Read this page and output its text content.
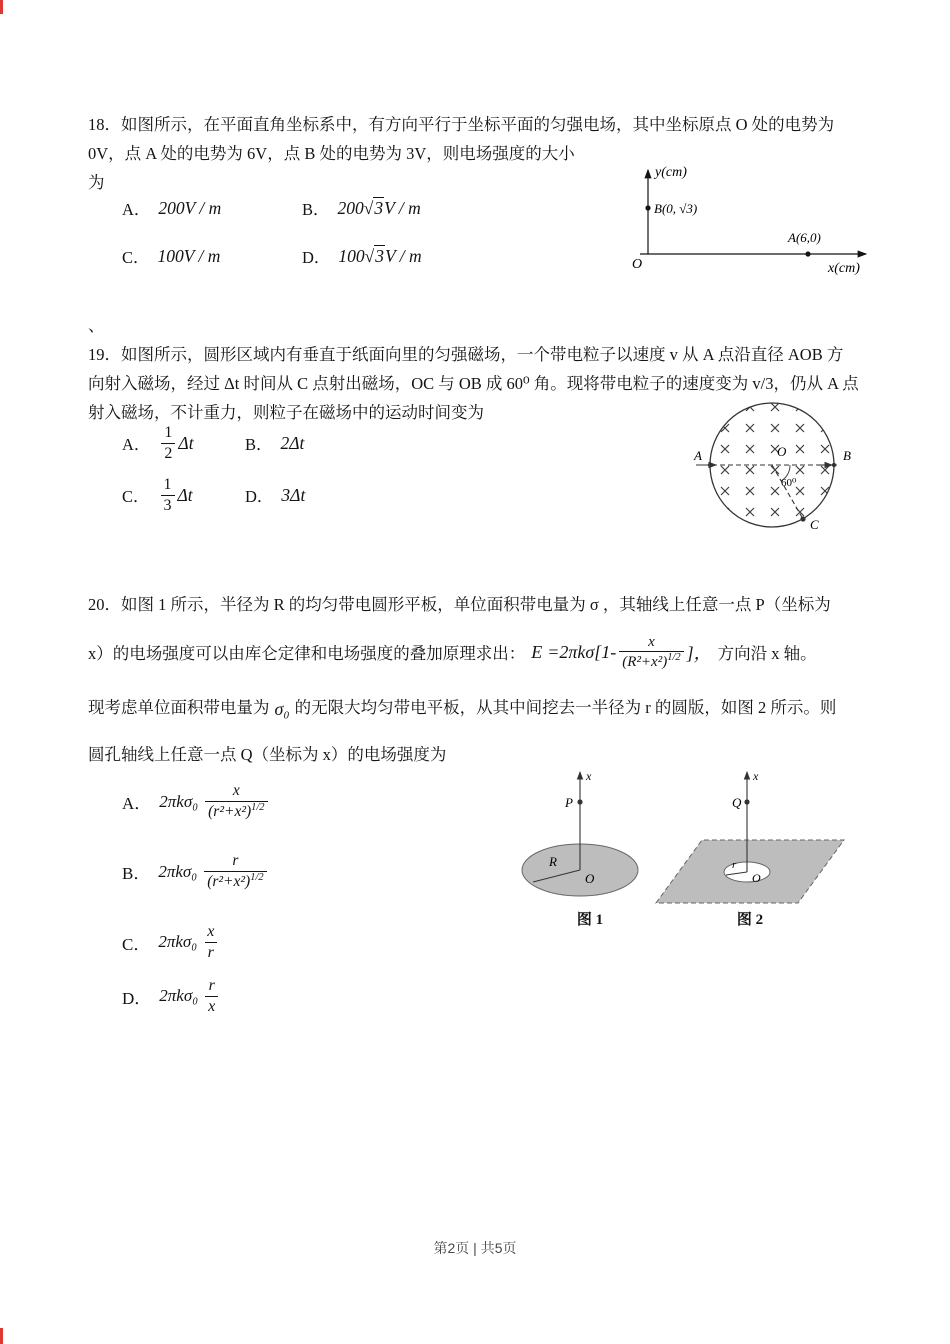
18．如图所示，在平面直角坐标系中，有方向平行于坐标平面的匀强电场，其中坐标原点 O 处的电势为
0V，点 A 处的电势为 6V，点 B 处的电势为 3V，则电场强度的大小
为
A． 200V / m	B． 200√3V / m
C． 100V / m	D． 100√3V / m
y(cm)
x(cm)
O
B(0, √3)
A(6,0)
、
19．如图所示，圆形区域内有垂直于纸面向里的匀强磁场，一个带电粒子以速度 v 从 A 点沿直径 AOB 方
向射入磁场，经过 Δt 时间从 C 点射出磁场，OC 与 OB 成 60⁰ 角。现将带电粒子的速度变为 v/3，仍从 A 点
射入磁场，不计重力，则粒子在磁场中的运动时间变为
A． $\frac{1}{2}$ Δt	B． 2Δt
C． $\frac{1}{3}$ Δt	D． 3Δt
A	B
O
C
60⁰
20．如图 1 所示，半径为 R 的均匀带电圆形平板，单位面积带电量为 σ ，其轴线上任意一点 P（坐标为
x）的电场强度可以由库仑定律和电场强度的叠加原理求出： $E =2\pi k\sigma[1- \frac{x}{(R^2+x^2)^{1/2}}$ ]， 方向沿 x 轴。
现考虑单位面积带电量为 σ₀ 的无限大均匀带电平板，从其中间挖去一半径为 r 的圆版，如图 2 所示。则
圆孔轴线上任意一点 Q（坐标为 x）的电场强度为
A． $2\pi k\sigma_0 \frac{x}{(r^2+x^2)^{1/2}}$
B． $2\pi k\sigma_0 \frac{r}{(r^2+x^2)^{1/2}}$
C． $2\pi k\sigma_0 \frac{x}{r}$
D． $2\pi k\sigma_0 \frac{r}{x}$
x
P
R
O
图 1
x
Q
r
O
图 2
第2页 | 共5页
